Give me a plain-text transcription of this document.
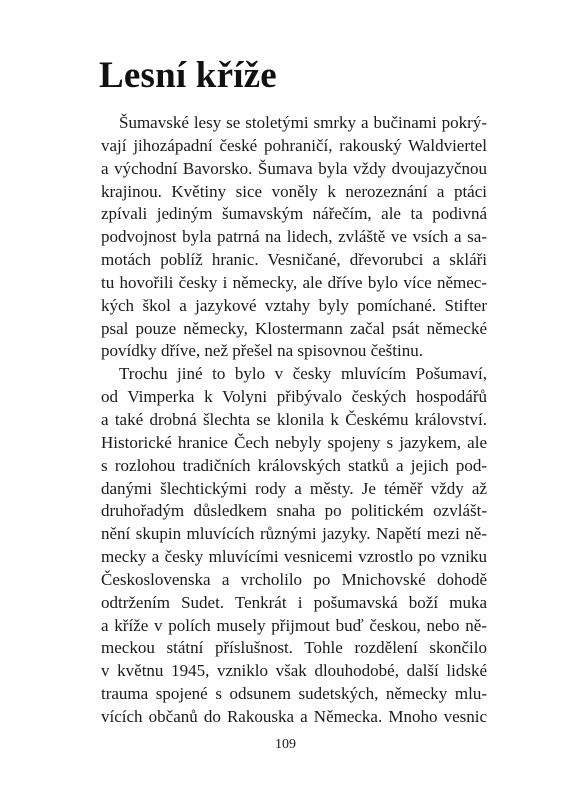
Lesní kříže

Šumavské lesy se stoletými smrky a bučinami pokrý-
vají jihozápadní české pohraničí, rakouský Waldviertel
a východní Bavorsko. Šumava byla vždy dvoujazyčnou
krajinou. Květiny sice voněly k nerozeznání a ptáci
zpívali jediným šumavským nářečím, ale ta podivná
podvojnost byla patrná na lidech, zvláště ve vsích a sa-
motách poblíž hranic. Vesničané, dřevorubci a skláři
tu hovořili česky i německy, ale dříve bylo více němec-
kých škol a jazykové vztahy byly pomíchané. Stifter
psal pouze německy, Klostermann začal psát německé
povídky dříve, než přešel na spisovnou češtinu.

Trochu jiné to bylo v česky mluvícím Pošumaví,
od Vimperka k Volyni přibývalo českých hospodářů
a také drobná šlechta se klonila k Českému království.
Historické hranice Čech nebyly spojeny s jazykem, ale
s rozlohou tradičních královských statků a jejich pod-
danými šlechtickými rody a městy. Je téměř vždy až
druhořadým důsledkem snaha po politickém ozvlášt-
nění skupin mluvících různými jazyky. Napětí mezi ně-
mecky a česky mluvícími vesnicemi vzrostlo po vzniku
Československa a vrcholilo po Mnichovské dohodě
odtržením Sudet. Tenkrát i pošumavská boží muka
a kříže v polích musely přijmout buď českou, nebo ně-
meckou státní příslušnost. Tohle rozdělení skončilo
v květnu 1945, vzniklo však dlouhodobé, další lidské
trauma spojené s odsunem sudetských, německy mlu-
vících občanů do Rakouska a Německa. Mnoho vesnic

109
